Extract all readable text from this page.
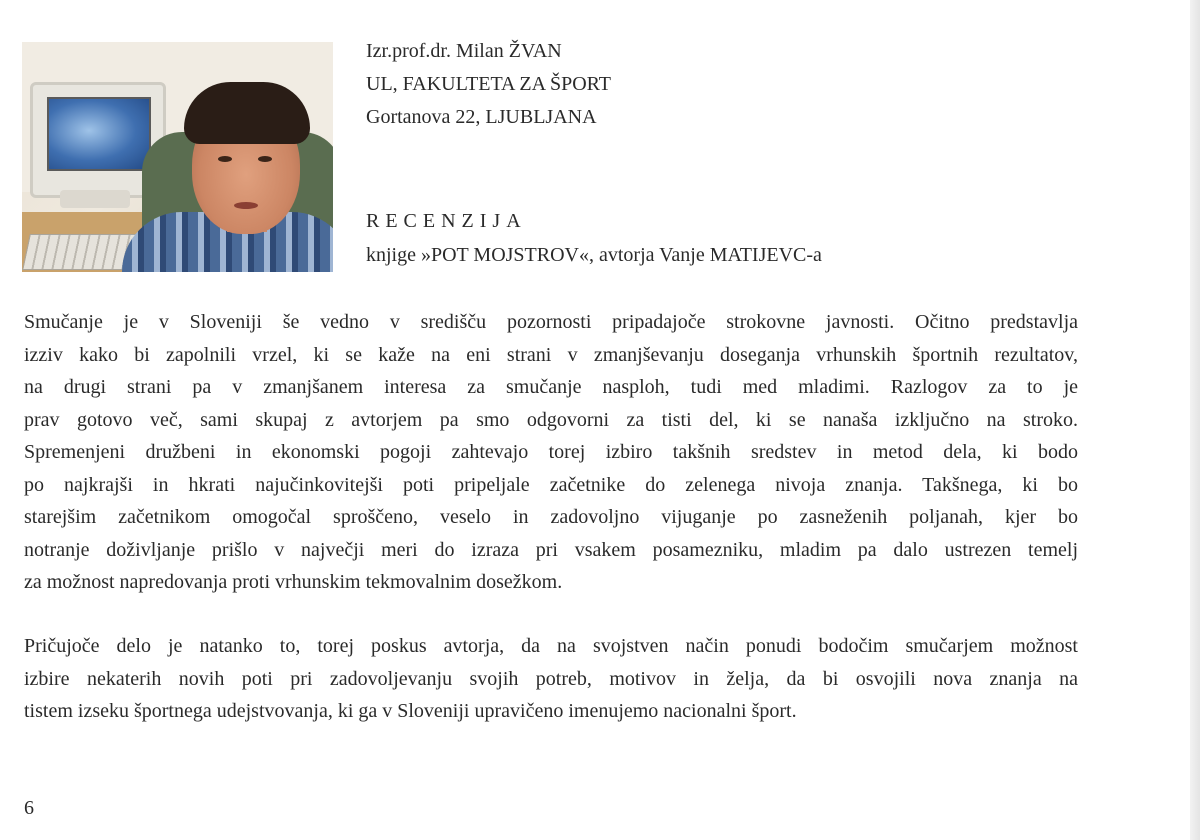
Izr.prof.dr. Milan ŽVAN
UL, FAKULTETA ZA ŠPORT
Gortanova 22, LJUBLJANA
RECENZIJA
knjige »POT MOJSTROV«, avtorja Vanje MATIJEVC-a
Smučanje je v Sloveniji še vedno v središču pozornosti pripadajoče strokovne javnosti. Očitno predstavlja
izziv kako bi zapolnili vrzel, ki se kaže na eni strani v zmanjševanju doseganja vrhunskih športnih rezultatov,
na drugi strani pa v zmanjšanem interesa za smučanje nasploh, tudi med mladimi. Razlogov za to je
prav gotovo več, sami skupaj z avtorjem pa smo odgovorni za tisti del, ki se nanaša izključno na stroko.
Spremenjeni družbeni in ekonomski pogoji zahtevajo torej izbiro takšnih sredstev in metod dela, ki bodo
po najkrajši in hkrati najučinkovitejši poti pripeljale začetnike do zelenega nivoja znanja. Takšnega, ki bo
starejšim začetnikom omogočal sproščeno, veselo in zadovoljno vijuganje po zasneženih poljanah, kjer bo
notranje doživljanje prišlo v največji meri do izraza pri vsakem posamezniku, mladim pa dalo ustrezen temelj
za možnost napredovanja proti vrhunskim tekmovalnim dosežkom.
Pričujoče delo je natanko to, torej poskus avtorja, da na svojstven način ponudi bodočim smučarjem možnost
izbire nekaterih novih poti pri zadovoljevanju svojih potreb, motivov in želja, da bi osvojili nova znanja na
tistem izseku športnega udejstvovanja, ki ga v Sloveniji upravičeno imenujemo nacionalni šport.
6
